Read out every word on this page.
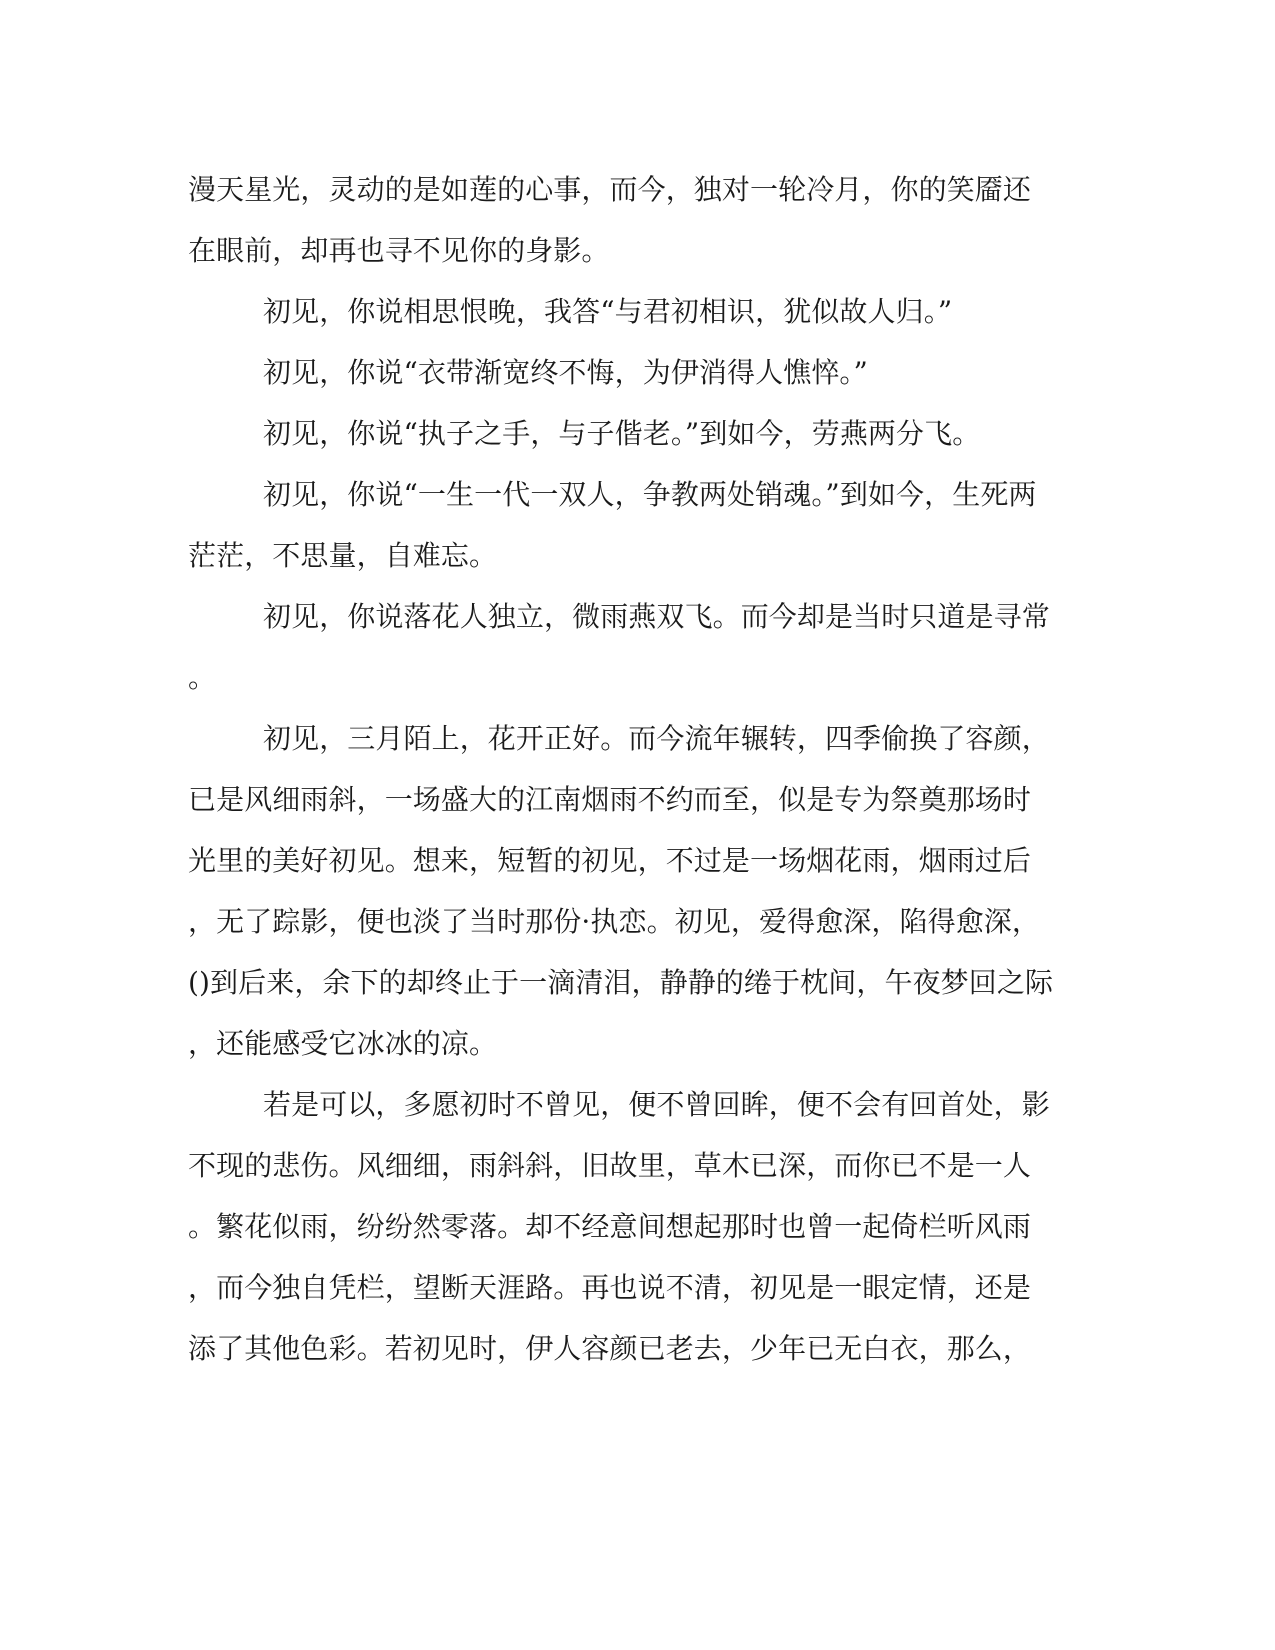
漫天星光，灵动的是如莲的心事，而今，独对一轮冷月，你的笑靥还
在眼前，却再也寻不见你的身影。
初见，你说相思恨晚，我答“与君初相识，犹似故人归。”
初见，你说“衣带渐宽终不悔，为伊消得人憔悴。”
初见，你说“执子之手，与子偕老。”到如今，劳燕两分飞。
初见，你说“一生一代一双人，争教两处销魂。”到如今，生死两
茫茫，不思量，自难忘。
初见，你说落花人独立，微雨燕双飞。而今却是当时只道是寻常
。
初见，三月陌上，花开正好。而今流年辗转，四季偷换了容颜，
已是风细雨斜，一场盛大的江南烟雨不约而至，似是专为祭奠那场时
光里的美好初见。想来，短暂的初见，不过是一场烟花雨，烟雨过后
，无了踪影，便也淡了当时那份·执恋。初见，爱得愈深，陷得愈深，
()到后来，余下的却终止于一滴清泪，静静的绻于枕间，午夜梦回之际
，还能感受它冰冰的凉。
若是可以，多愿初时不曾见，便不曾回眸，便不会有回首处，影
不现的悲伤。风细细，雨斜斜，旧故里，草木已深，而你已不是一人
。繁花似雨，纷纷然零落。却不经意间想起那时也曾一起倚栏听风雨
，而今独自凭栏，望断天涯路。再也说不清，初见是一眼定情，还是
添了其他色彩。若初见时，伊人容颜已老去，少年已无白衣，那么，
